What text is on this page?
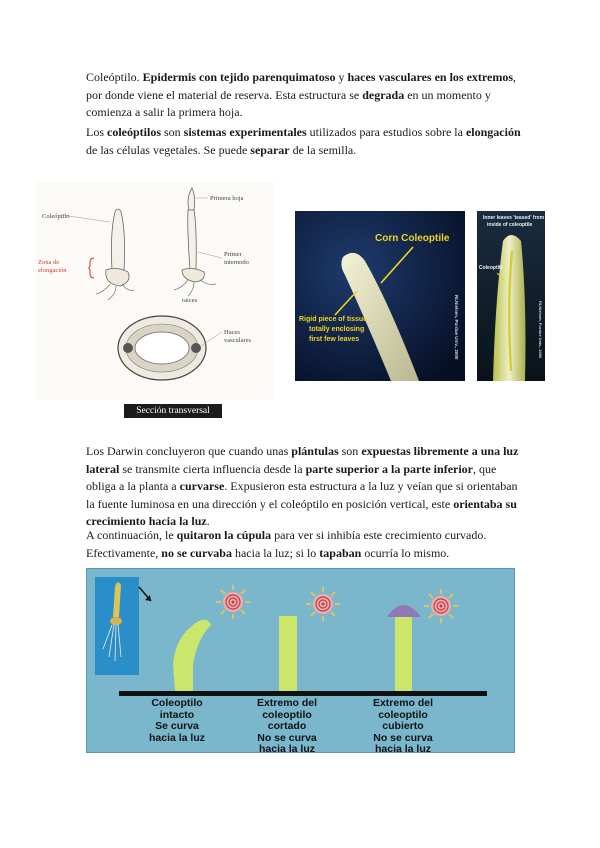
Coleóptilo. Epidermis con tejido parenquimatoso y haces vasculares en los extremos, por donde viene el material de reserva. Esta estructura se degrada en un momento y comienza a salir la primera hoja.

Los coleóptilos son sistemas experimentales utilizados para estudios sobre la elongación de las células vegetales. Se puede separar de la semilla.

Coleóptilo
Zona de
elongación
Primera hoja
Primer
internodo
raíces
Haces
vasculares
Sección transversal
Corn Coleoptile
Rigid piece of tissue,
totally enclosing
first few leaves	RLNielsen, Purdue Univ., 2000
Inner leaves 'teased' from
inside of coleoptile
Coleoptile
RLNielsen, Purdue Univ., 2000

Los Darwin concluyeron que cuando unas plántulas son expuestas libremente a una luz lateral se transmite cierta influencia desde la parte superior a la parte inferior, que obliga a la planta a curvarse. Expusieron esta estructura a la luz y veían que si orientaban la fuente luminosa en una dirección y el coleóptilo en posición vertical, este orientaba su crecimiento hacia la luz.

A continuación, le quitaron la cúpula para ver si inhibía este crecimiento curvado. Efectivamente, no se curvaba hacia la luz; si lo tapaban ocurría lo mismo.

Coleoptilo
intacto
Se curva
hacia la luz
Extremo del
coleoptilo
cortado
No se curva
hacia la luz
Extremo del
coleoptilo
cubierto
No se curva
hacia la luz
